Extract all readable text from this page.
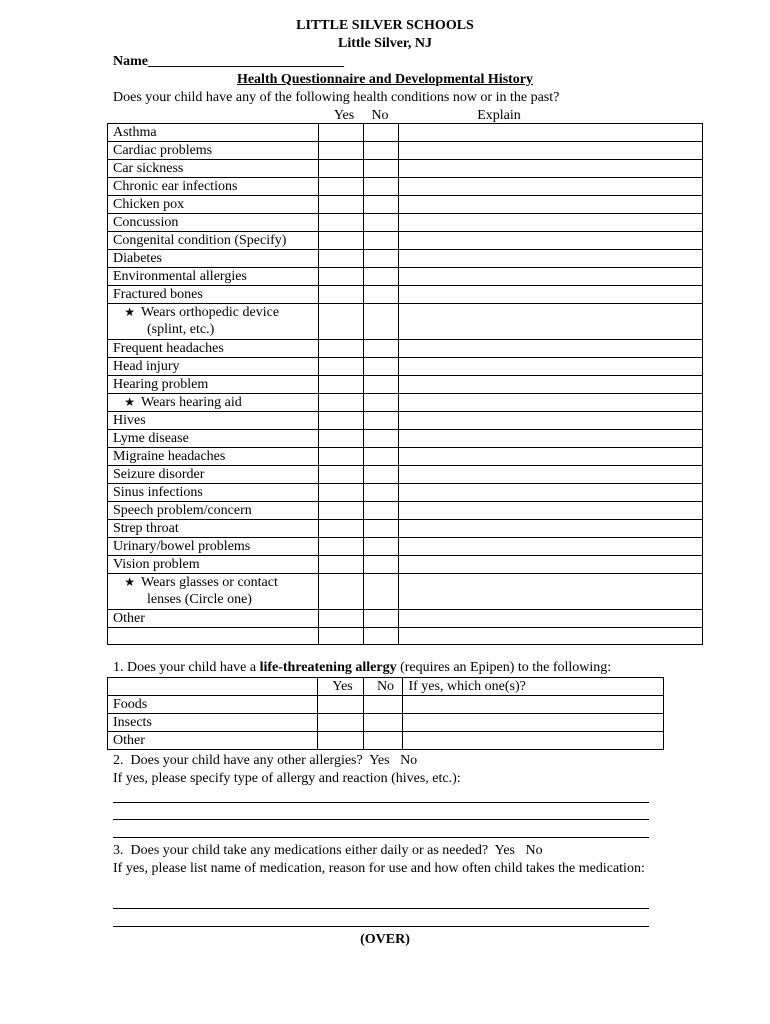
LITTLE SILVER SCHOOLS
Little Silver, NJ
Name____________________________
Health Questionnaire and Developmental History
Does your child have any of the following health conditions now or in the past?
Yes	No	Explain
Asthma			
Cardiac problems			
Car sickness			
Chronic ear infections			
Chicken pox			
Concussion			
Congenital condition (Specify)			
Diabetes			
Environmental allergies			
Fractured bones			
★ Wears orthopedic device
(splint, etc.)			

Frequent headaches			
Head injury			
Hearing problem			
★ Wears hearing aid			
Hives			
Lyme disease			
Migraine headaches			
Seizure disorder			
Sinus infections			
Speech problem/concern			
Strep throat			
Urinary/bowel problems			
Vision problem			
★ Wears glasses or contact
lenses (Circle one)			

Other			

1. Does your child have a life-threatening allergy (requires an Epipen) to the following:
	Yes	No	If yes, which one(s)?
Foods			
Insects			
Other			
2.  Does your child have any other allergies?  Yes   No
If yes, please specify type of allergy and reaction (hives, etc.):
3.  Does your child take any medications either daily or as needed?  Yes   No
If yes, please list name of medication, reason for use and how often child takes the medication:
(OVER)
